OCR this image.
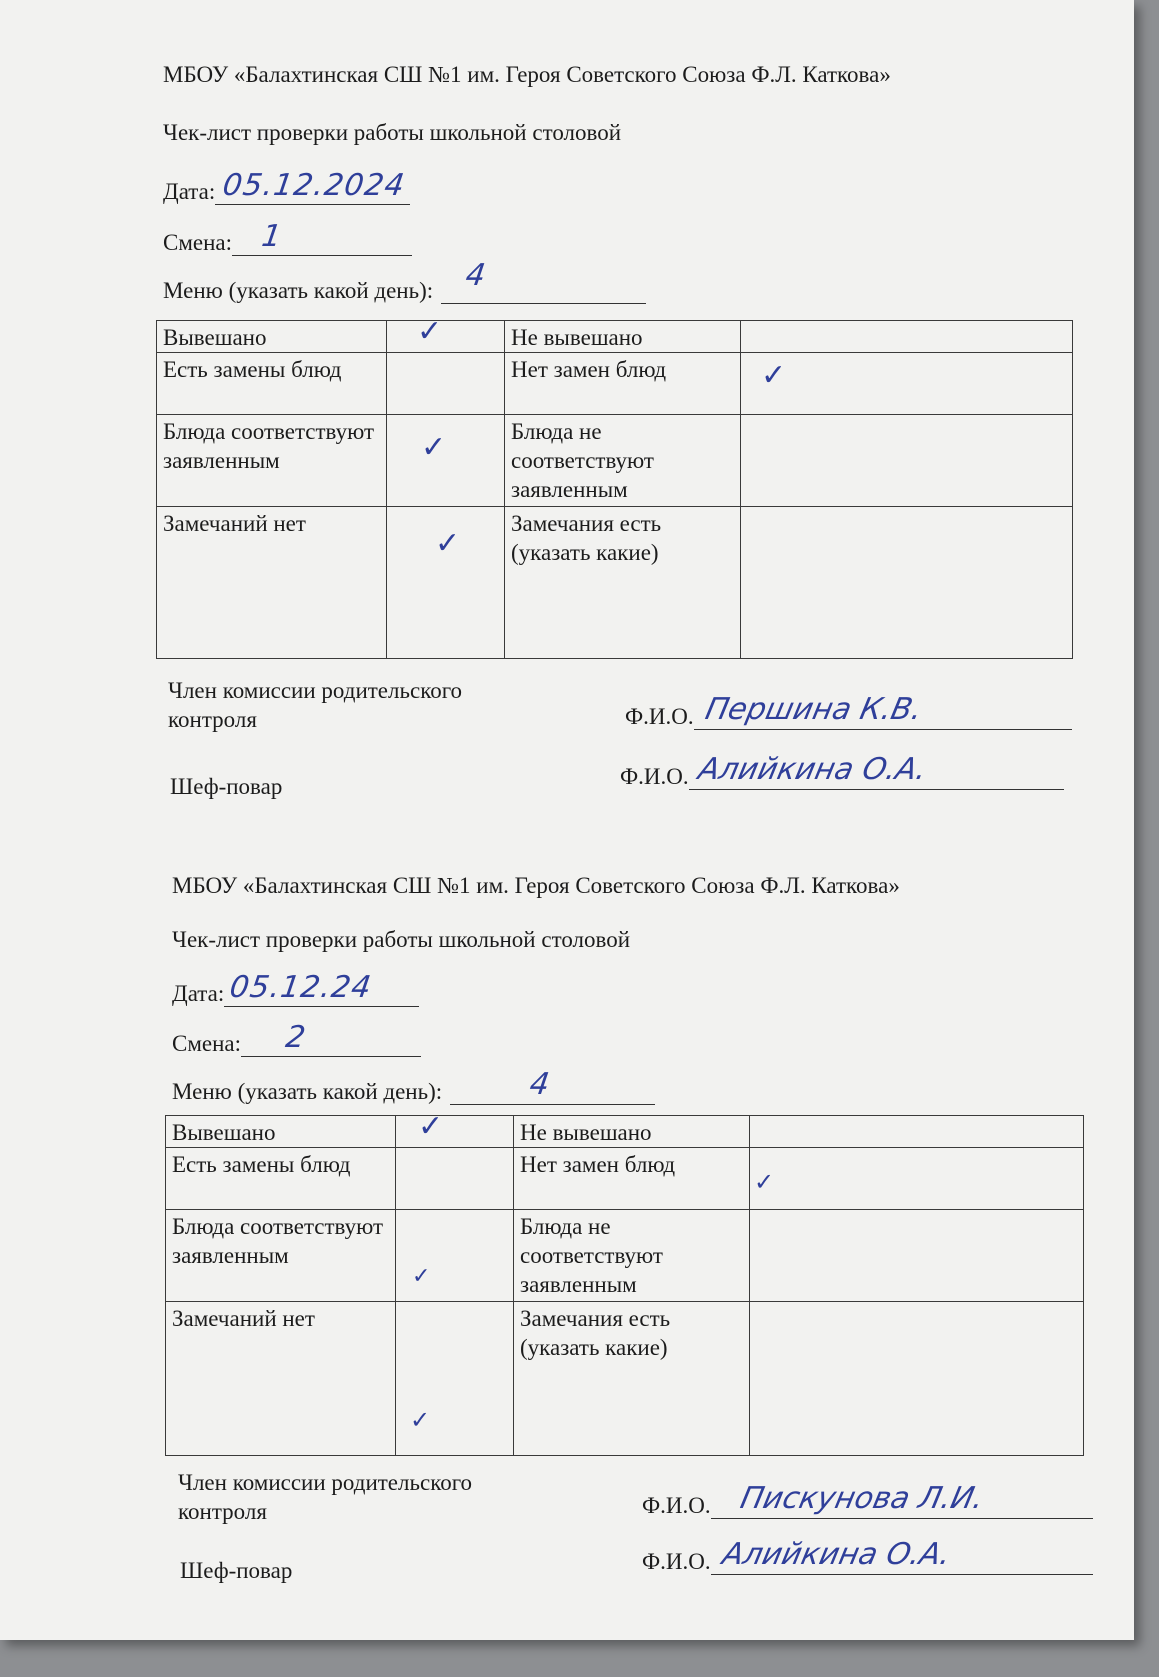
МБОУ «Балахтинская СШ №1 им. Героя Советского Союза Ф.Л. Каткова»
Чек-лист проверки работы школьной столовой
Дата: 05.12.2024
Смена: 1
Меню (указать какой день): 4
Вывешано	✓	Не вывешано	

Есть замены блюд		Нет замен блюд	✓

Блюда соответствуют заявленным	✓	Блюда не соответствуют заявленным	

Замечаний нет	✓	Замечания есть (указать какие)	
Член комиссии родительского контроля	Ф.И.О. Першина К.В.
Шеф-повар	Ф.И.О. Алийкина О.А.
МБОУ «Балахтинская СШ №1 им. Героя Советского Союза Ф.Л. Каткова»
Чек-лист проверки работы школьной столовой
Дата: 05.12.24
Смена: 2
Меню (указать какой день):	4
Вывешано	✓	Не вывешано	

Есть замены блюд		Нет замен блюд	✓

Блюда соответствуют заявленным	✓	Блюда не соответствуют заявленным	

Замечаний нет	✓	Замечания есть (указать какие)	
Член комиссии родительского контроля	Ф.И.О. Пискунова Л.И.
Шеф-повар	Ф.И.О. Алийкина О.А.
